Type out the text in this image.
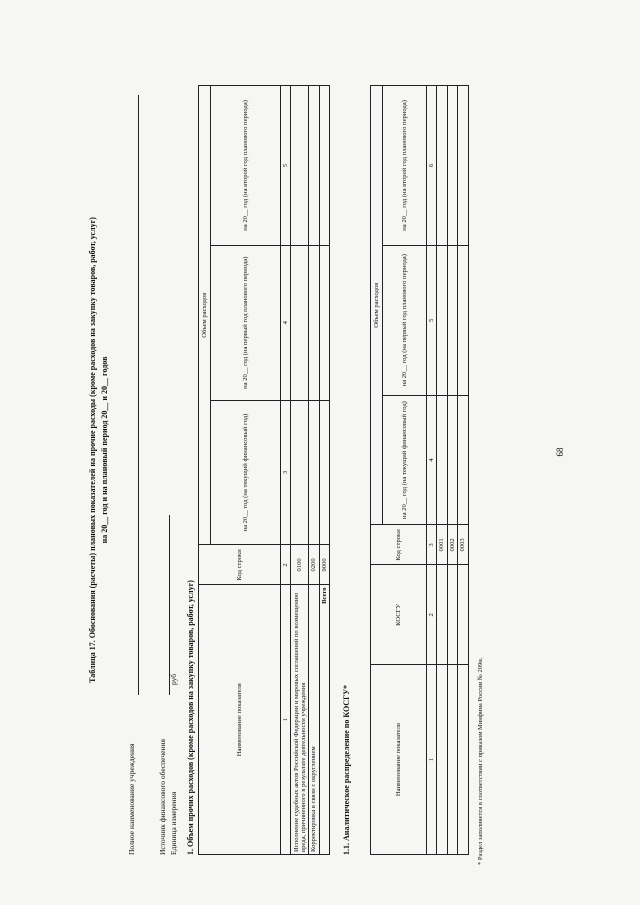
68
Таблица 17. Обоснования (расчеты) плановых показателей на прочие расходы (кроме расходов на закупку товаров, работ, услуг) на 20__ год и на плановый период 20__ и 20__ годов
Полное наименование учреждения	Источник финансового обеспечения Единица измерения
руб 1. Объем прочих расходов (кроме расходов на закупку товаров, работ, услуг)	Наименование показателя	Код строки	Объем расходов		
		на 20__ год (на текущий финансовый год)	на 20__ год (на первый год планового периода)	на 20__ год (на второй год планового периода)
1	2	3	4	5
Исполнение судебных актов Российской Федерации и мировых соглашений по возмещению вреда, причиненного в результате деятельности учреждения	0100			
Корректировка в связи с округлением	0200			
Всего	9000			
1.1. Аналитическое распределение по КОСГУ*	Наименование показателя	КОСГУ	Код строки	Объем расходов		
			на 20__ год (на текущий финансовый год)	на 20__ год (на первый год планового периода)	на 20__ год (на второй год планового периода)
1	2	3	4	5	6
		0001			
		0002			
		0003			
* Раздел заполняется в соответствии с приказом Минфина России № 209н.
